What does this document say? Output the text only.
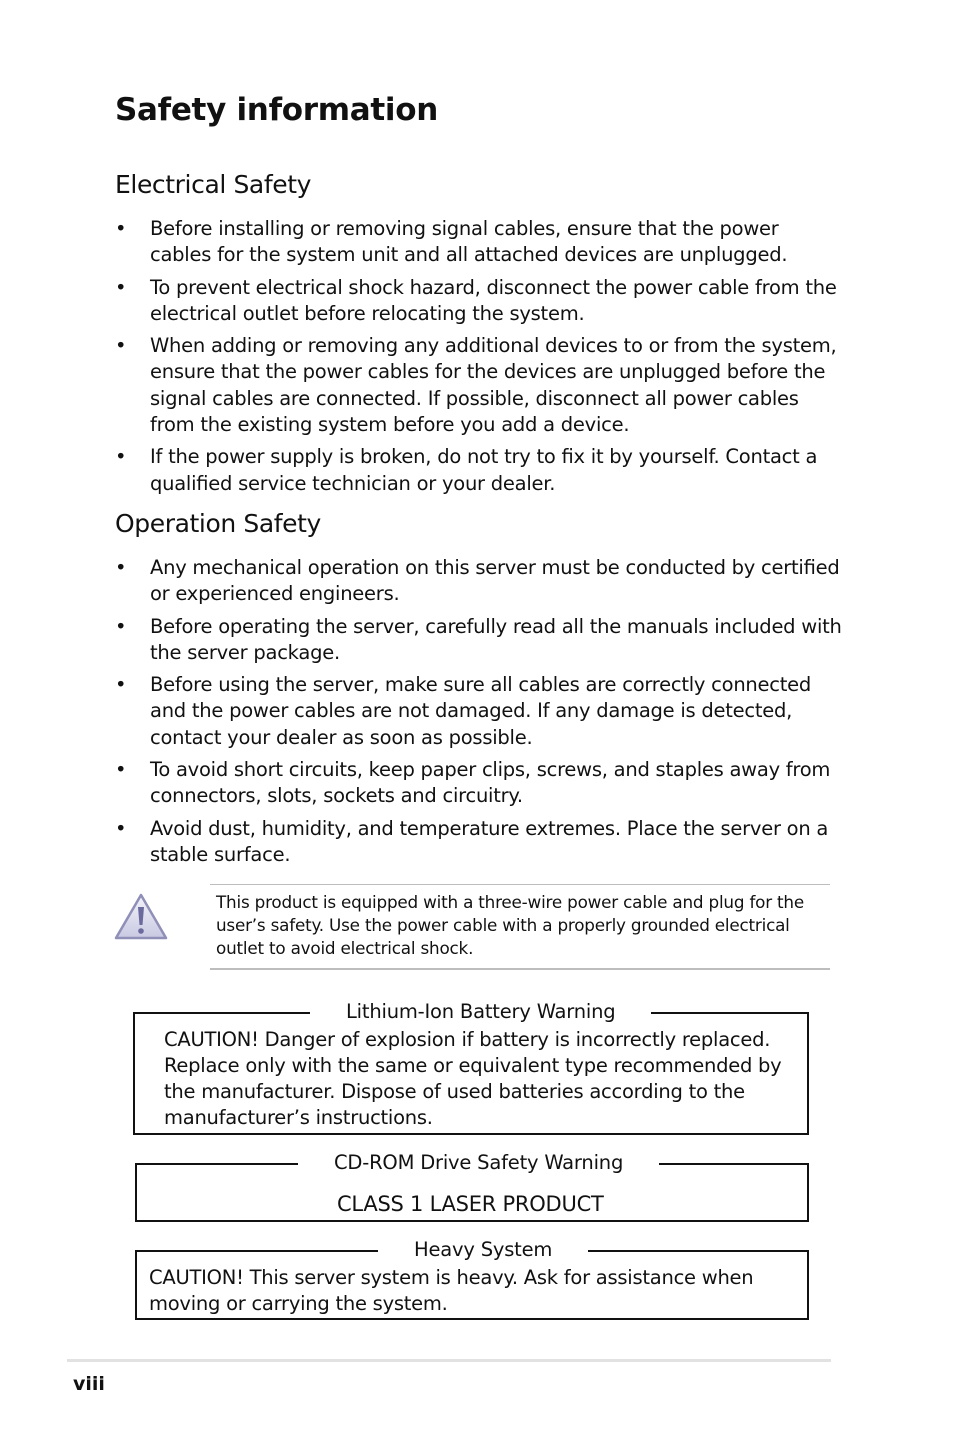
Safety information
Electrical Safety
• Before installing or removing signal cables, ensure that the power cables for the system unit and all attached devices are unplugged.
• To prevent electrical shock hazard, disconnect the power cable from the electrical outlet before relocating the system.
• When adding or removing any additional devices to or from the system, ensure that the power cables for the devices are unplugged before the signal cables are connected. If possible, disconnect all power cables from the existing system before you add a device.
• If the power supply is broken, do not try to ﬁx it by yourself. Contact a qualiﬁed service technician or your dealer.
Operation Safety
• Any mechanical operation on this server must be conducted by certiﬁed or experienced engineers.
• Before operating the server, carefully read all the manuals included with the server package.
• Before using the server, make sure all cables are correctly connected and the power cables are not damaged. If any damage is detected, contact your dealer as soon as possible.
• To avoid short circuits, keep paper clips, screws, and staples away from connectors, slots, sockets and circuitry.
• Avoid dust, humidity, and temperature extremes. Place the server on a stable surface.

This product is equipped with a three-wire power cable and plug for the user’s safety. Use the power cable with a properly grounded electrical outlet to avoid electrical shock.

Lithium-Ion Battery Warning

CAUTION! Danger of explosion if battery is incorrectly replaced. Replace only with the same or equivalent type recommended by the manufacturer. Dispose of used batteries according to the manufacturer’s instructions.

CD-ROM Drive Safety Warning

CLASS 1 LASER PRODUCT

Heavy System

CAUTION! This server system is heavy. Ask for assistance when moving or carrying the system.

viii
